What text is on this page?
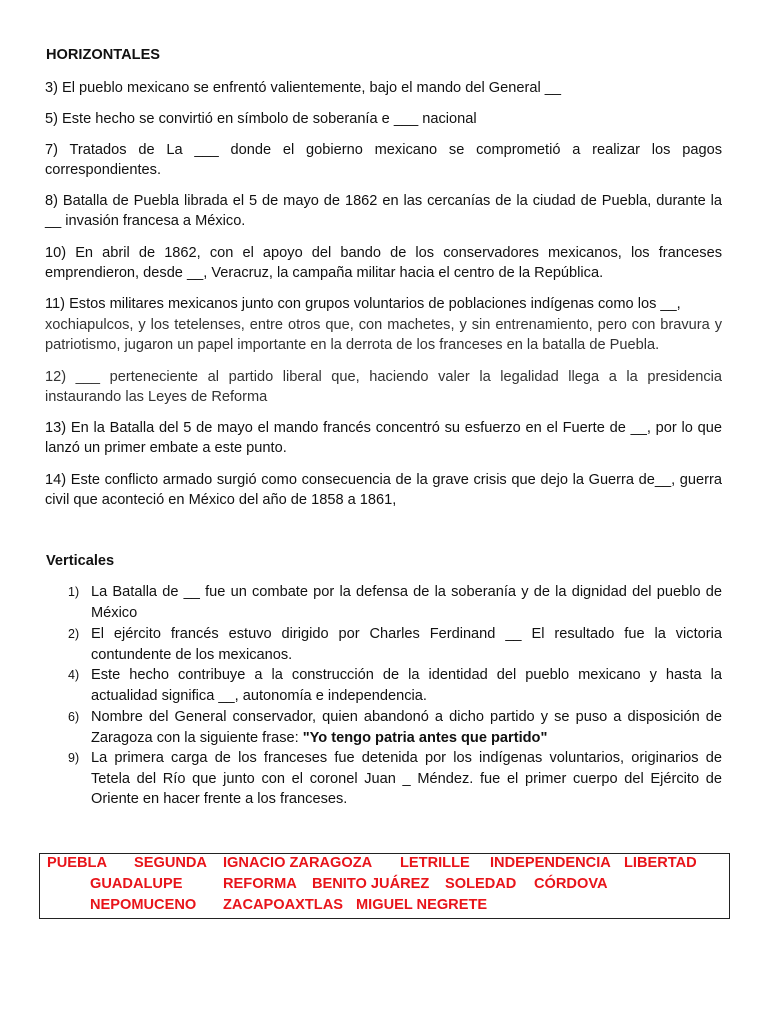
HORIZONTALES

3) El pueblo mexicano se enfrentó valientemente, bajo el mando del General __

5) Este hecho se convirtió en símbolo de soberanía e ___ nacional

7) Tratados de La ___ donde el gobierno mexicano se comprometió a realizar los pagos correspondientes.

8) Batalla de Puebla librada el 5 de mayo de 1862 en las cercanías de la ciudad de Puebla, durante la __ invasión francesa a México.

10) En abril de 1862, con el apoyo del bando de los conservadores mexicanos, los franceses emprendieron, desde __, Veracruz, la campaña militar hacia el centro de la República.

11) Estos militares mexicanos junto con grupos voluntarios de poblaciones indígenas como los __,

xochiapulcos, y los tetelenses, entre otros que, con machetes, y sin entrenamiento, pero con bravura y patriotismo, jugaron un papel importante en la derrota de los franceses en la batalla de Puebla.

12) ___ perteneciente al partido liberal que, haciendo valer la legalidad llega a la presidencia instaurando las Leyes de Reforma

13) En la Batalla del 5 de mayo el mando francés concentró su esfuerzo en el Fuerte de __, por lo que lanzó un primer embate a este punto.

14) Este conflicto armado surgió como consecuencia de la grave crisis que dejo la Guerra de__, guerra civil que aconteció en México del año de 1858 a 1861,

Verticales
1) La Batalla de __ fue un combate por la defensa de la soberanía y de la dignidad del pueblo de México

2) El ejército francés estuvo dirigido por Charles Ferdinand __ El resultado fue la victoria contundente de los mexicanos.

4) Este hecho contribuye a la construcción de la identidad del pueblo mexicano y hasta la actualidad significa __, autonomía e independencia.

6) Nombre del General conservador, quien abandonó a dicho partido y se puso a disposición de Zaragoza con la siguiente frase: "Yo tengo patria antes que partido"

9) La primera carga de los franceses fue detenida por los indígenas voluntarios, originarios de Tetela del Río que junto con el coronel Juan _ Méndez. fue el primer cuerpo del Ejército de Oriente en hacer frente a los franceses.

PUEBLA SEGUNDA IGNACIO ZARAGOZA LETRILLE INDEPENDENCIA LIBERTAD
GUADALUPE	REFORMA BENITO JUÁREZ SOLEDAD CÓRDOVA
NEPOMUCENO ZACAPOAXTLAS MIGUEL NEGRETE
